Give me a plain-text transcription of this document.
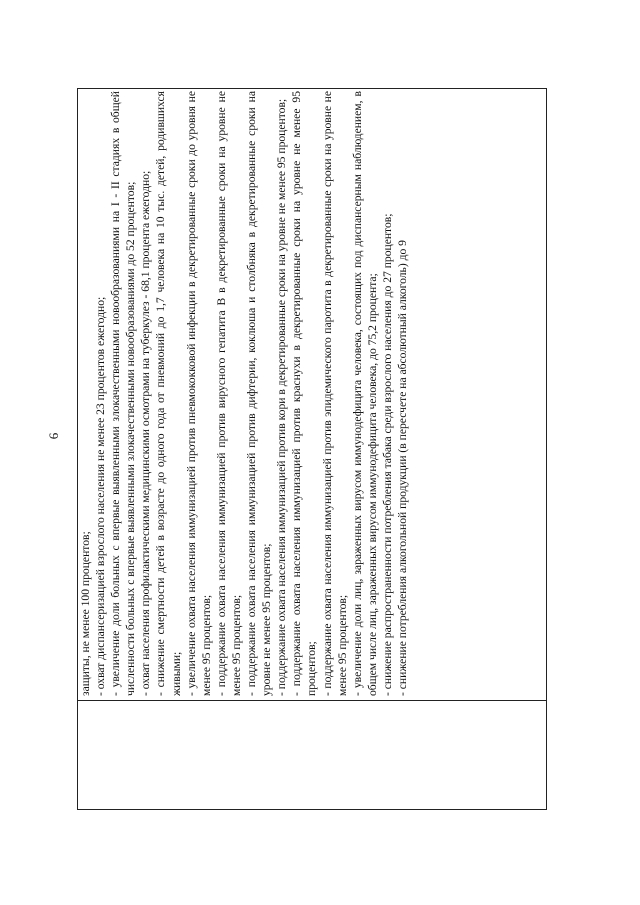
6

защиты, не менее 100 процентов; - охват диспансеризацией взрослого населения не менее 23 процентов ежегодно; - увеличение доли больных с впервые выявленными злокачественными новообразованиями на I - II стадиях в общей численности больных с впервые выявленными злокачественными новообразованиями до 52 процентов; - охват населения профилактическими медицинскими осмотрами на туберкулез - 68,1 процента ежегодно; - снижение смертности детей в возрасте до одного года от пневмоний до 1,7 человека на 10 тыс. детей, родившихся живыми; - увеличение охвата населения иммунизацией против пневмококковой инфекции в декретированные сроки до уровня не менее 95 процентов; - поддержание охвата населения иммунизацией против вирусного гепатита В в декретированные сроки на уровне не менее 95 процентов; - поддержание охвата населения иммунизацией против дифтерии, коклюша и столбняка в декретированные сроки на уровне не менее 95 процентов; - поддержание охвата населения иммунизацией против кори в декретированные сроки на уровне не менее 95 процентов; - поддержание охвата населения иммунизацией против краснухи в декретированные сроки на уровне не менее 95 процентов; - поддержание охвата населения иммунизацией против эпидемического паротита в декретированные сроки на уровне не менее 95 процентов; - увеличение доли лиц, зараженных вирусом иммунодефицита человека, состоящих под диспансерным наблюдением, в общем числе лиц, зараженных вирусом иммунодефицита человека, до 75,2 процента; - снижение распространенности потребления табака среди взрослого населения до 27 процентов; - снижение потребления алкогольной продукции (в пересчете на абсолютный алкоголь) до 9
